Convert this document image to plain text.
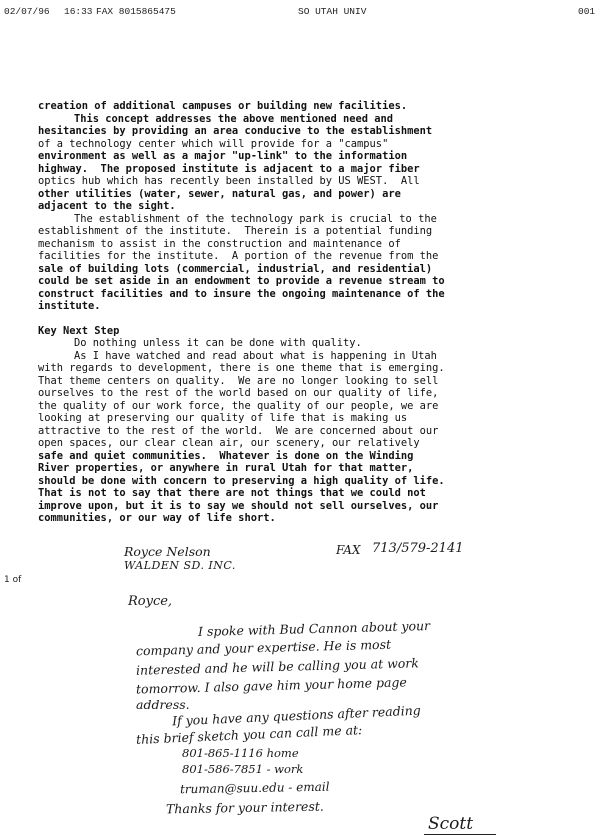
02/07/96 16:33 FAX 8015865475	SO UTAH UNIV	001
creation of additional campuses or building new facilities.
This concept addresses the above mentioned need and
hesitancies by providing an area conducive to the establishment
of a technology center which will provide for a "campus"
environment as well as a major "up-link" to the information
highway.  The proposed institute is adjacent to a major fiber
optics hub which has recently been installed by US WEST.  All
other utilities (water, sewer, natural gas, and power) are
adjacent to the sight.
The establishment of the technology park is crucial to the
establishment of the institute.  Therein is a potential funding
mechanism to assist in the construction and maintenance of
facilities for the institute.  A portion of the revenue from the
sale of building lots (commercial, industrial, and residential)
could be set aside in an endowment to provide a revenue stream to
construct facilities and to insure the ongoing maintenance of the
institute.
Key Next Step
Do nothing unless it can be done with quality.
As I have watched and read about what is happening in Utah
with regards to development, there is one theme that is emerging.
That theme centers on quality.  We are no longer looking to sell
ourselves to the rest of the world based on our quality of life,
the quality of our work force, the quality of our people, we are
looking at preserving our quality of life that is making us
attractive to the rest of the world.  We are concerned about our
open spaces, our clear clean air, our scenery, our relatively
safe and quiet communities.  Whatever is done on the Winding
River properties, or anywhere in rural Utah for that matter,
should be done with concern to preserving a high quality of life.
That is not to say that there are not things that we could not
improve upon, but it is to say we should not sell ourselves, our
communities, or our way of life short.
Royce Nelson
WALDEN SD. INC.
FAX 713/579-2141
1 of
Royce,
I spoke with Bud Cannon about your
company and your expertise. He is most
interested and he will be calling you at work
tomorrow. I also gave him your home page
address.
If you have any questions after reading
this brief sketch you can call me at:
801-865-1116 home
801-586-7851 - work
truman@suu.edu - email
Thanks for your interest.
Scott
